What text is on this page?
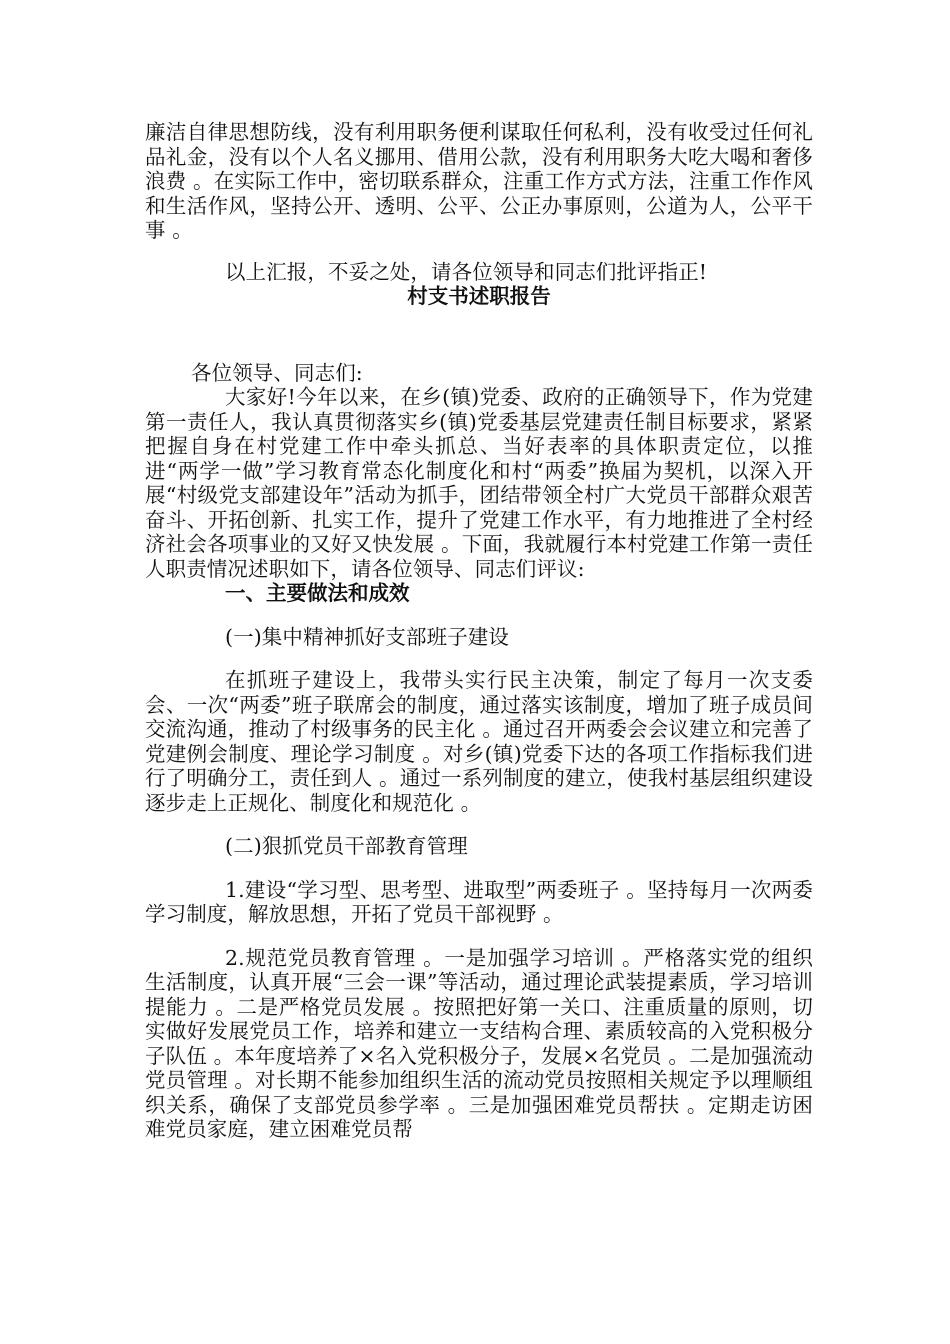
廉洁自律思想防线，没有利用职务便利谋取任何私利，没有收受过任何礼品礼金，没有以个人名义挪用、借用公款，没有利用职务大吃大喝和奢侈浪费 。在实际工作中，密切联系群众，注重工作方式方法，注重工作作风和生活作风，坚持公开、透明、公平、公正办事原则，公道为人，公平干事 。

以上汇报，不妥之处，请各位领导和同志们批评指正!

村支书述职报告

各位领导、同志们:

大家好!今年以来，在乡(镇)党委、政府的正确领导下，作为党建第一责任人，我认真贯彻落实乡(镇)党委基层党建责任制目标要求，紧紧把握自身在村党建工作中牵头抓总、当好表率的具体职责定位，以推进“两学一做”学习教育常态化制度化和村“两委”换届为契机，以深入开展“村级党支部建设年”活动为抓手，团结带领全村广大党员干部群众艰苦奋斗、开拓创新、扎实工作，提升了党建工作水平，有力地推进了全村经济社会各项事业的又好又快发展 。下面，我就履行本村党建工作第一责任人职责情况述职如下，请各位领导、同志们评议:

一、主要做法和成效

(一)集中精神抓好支部班子建设

在抓班子建设上，我带头实行民主决策，制定了每月一次支委会、一次“两委”班子联席会的制度，通过落实该制度，增加了班子成员间交流沟通，推动了村级事务的民主化 。通过召开两委会会议建立和完善了党建例会制度、理论学习制度 。对乡(镇)党委下达的各项工作指标我们进行了明确分工，责任到人 。通过一系列制度的建立，使我村基层组织建设逐步走上正规化、制度化和规范化 。

(二)狠抓党员干部教育管理

1.建设“学习型、思考型、进取型”两委班子 。坚持每月一次两委学习制度，解放思想，开拓了党员干部视野 。

2.规范党员教育管理 。一是加强学习培训 。严格落实党的组织生活制度，认真开展“三会一课”等活动，通过理论武装提素质，学习培训提能力 。二是严格党员发展 。按照把好第一关口、注重质量的原则，切实做好发展党员工作，培养和建立一支结构合理、素质较高的入党积极分子队伍 。本年度培养了×名入党积极分子，发展×名党员 。二是加强流动党员管理 。对长期不能参加组织生活的流动党员按照相关规定予以理顺组织关系，确保了支部党员参学率 。三是加强困难党员帮扶 。定期走访困难党员家庭，建立困难党员帮
